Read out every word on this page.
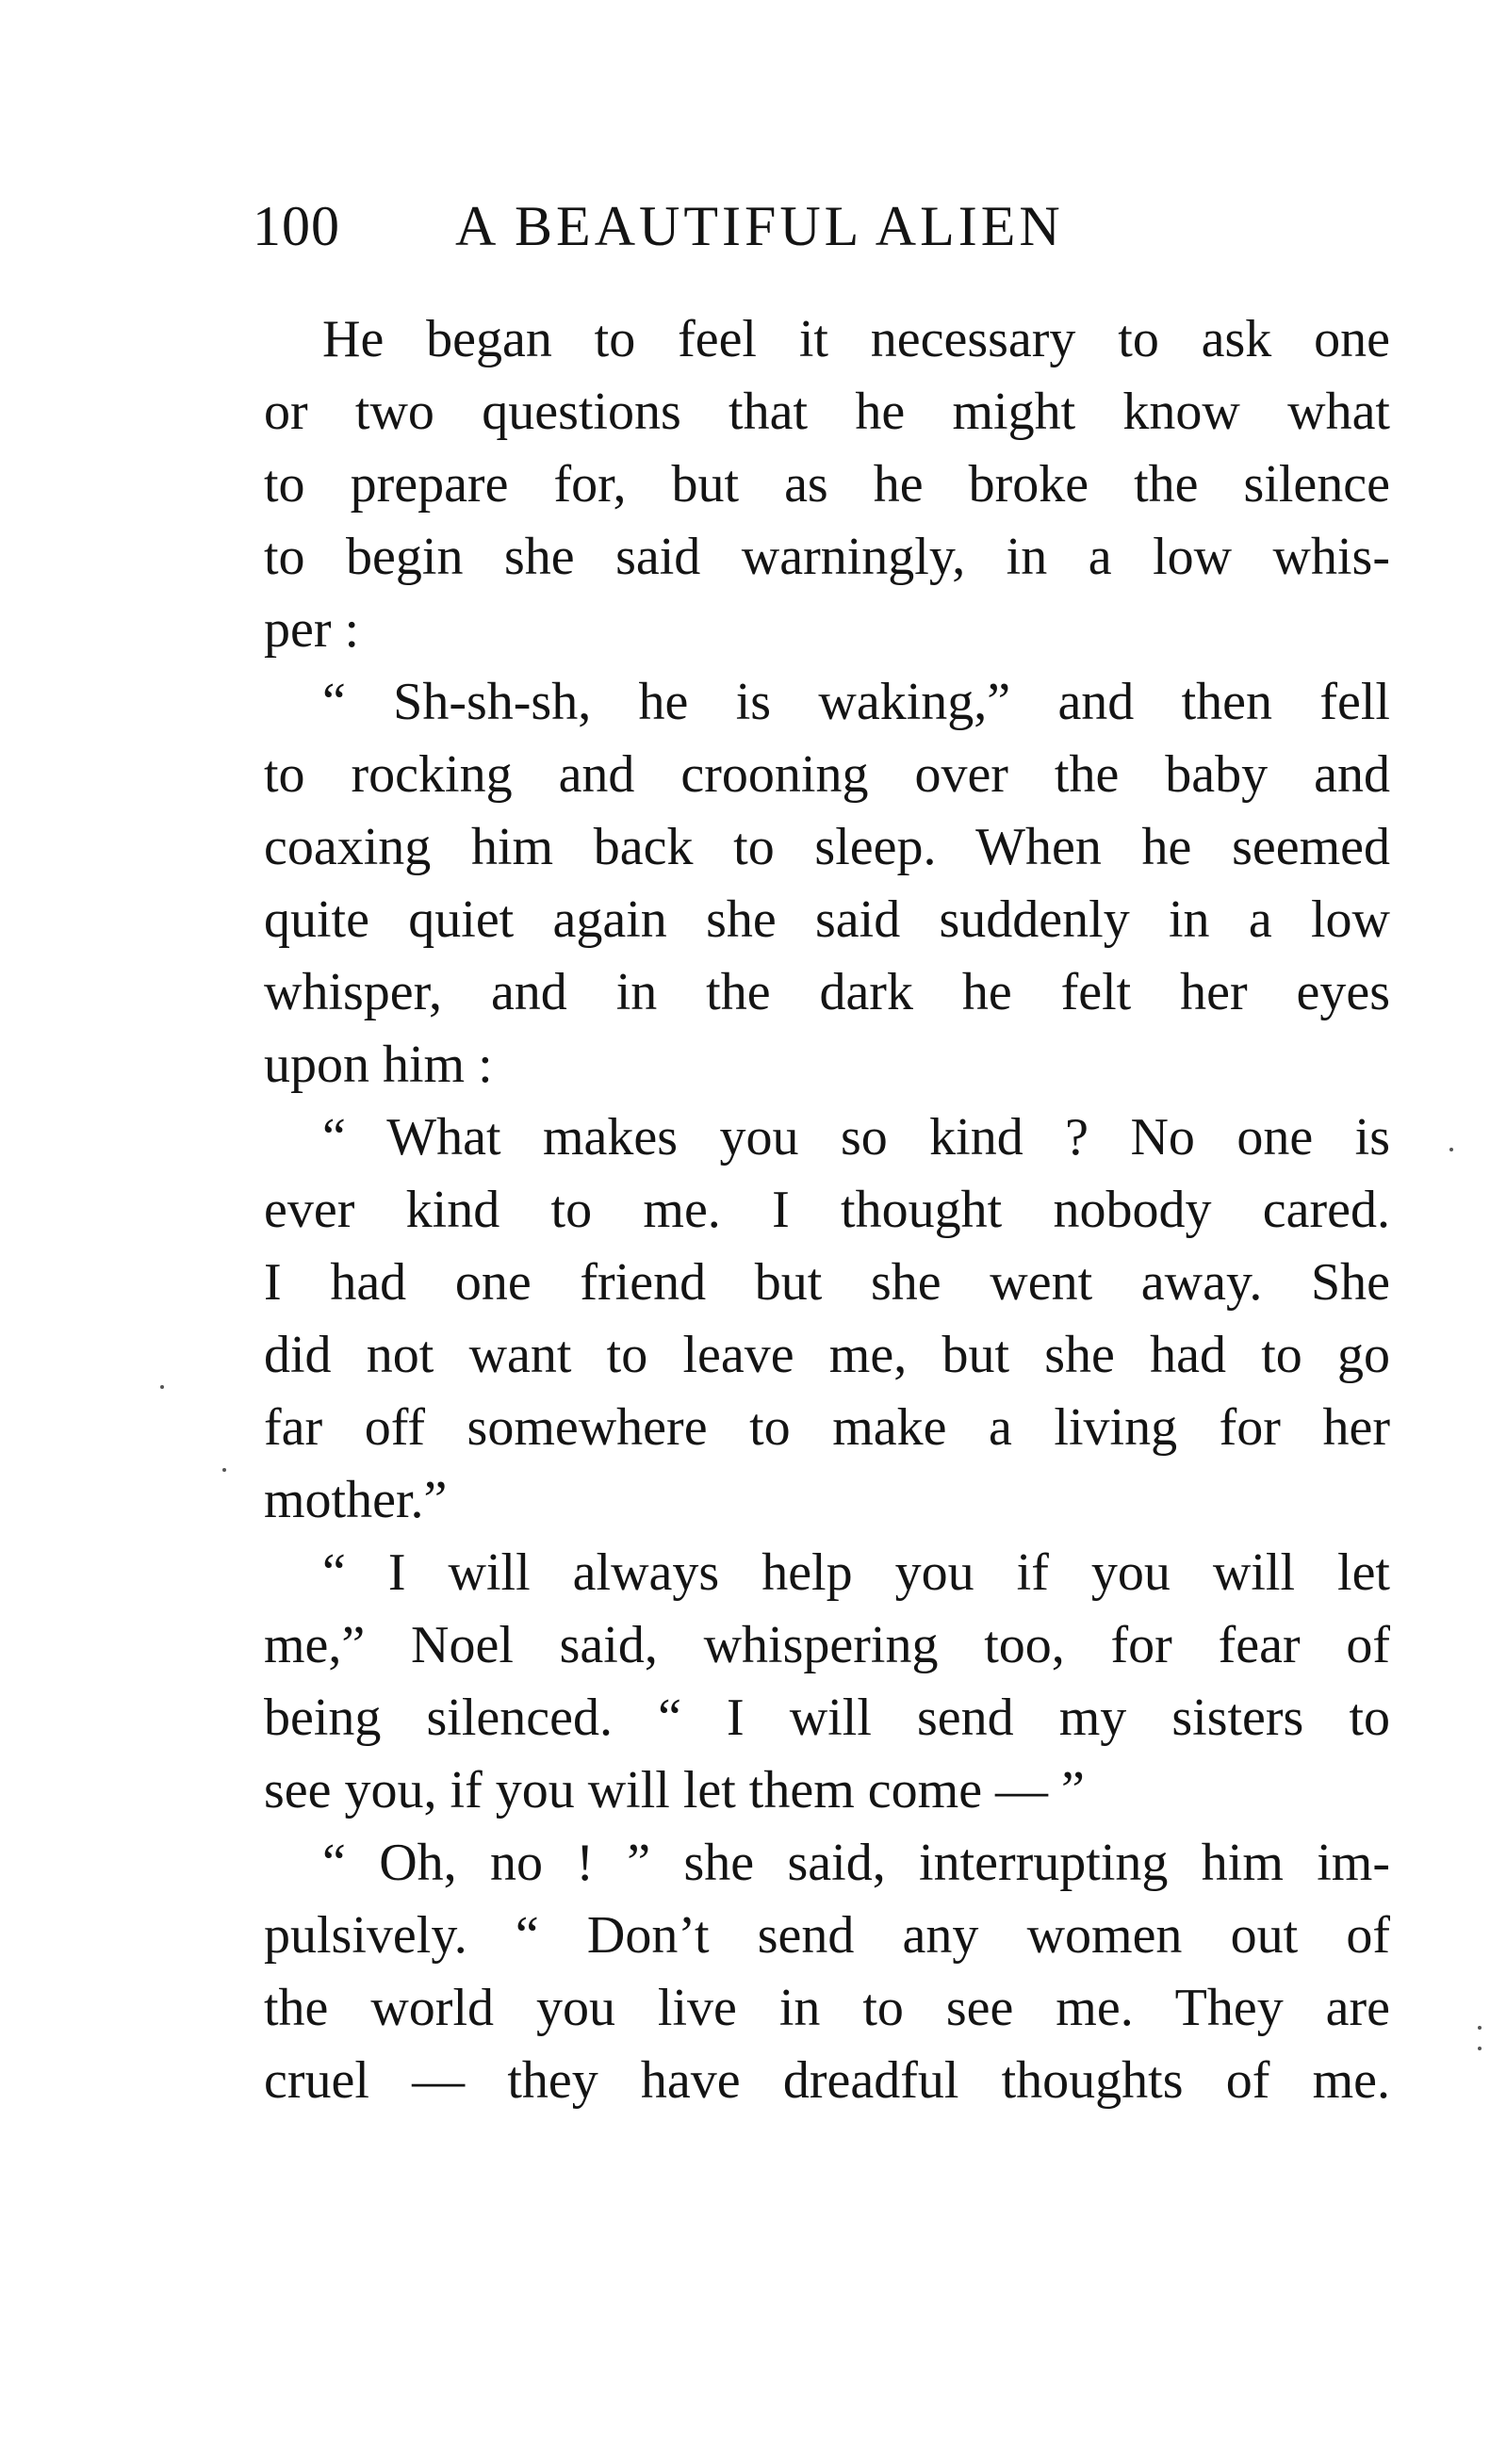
100 A BEAUTIFUL ALIEN
He began to feel it necessary to ask one
or two questions that he might know what
to prepare for, but as he broke the silence
to begin she said warningly, in a low whis-
per :
“ Sh-sh-sh, he is waking,” and then fell
to rocking and crooning over the baby and
coaxing him back to sleep. When he seemed
quite quiet again she said suddenly in a low
whisper, and in the dark he felt her eyes
upon him :
“ What makes you so kind ? No one is
ever kind to me. I thought nobody cared.
I had one friend but she went away. She
did not want to leave me, but she had to go
far off somewhere to make a living for her
mother.”
“ I will always help you if you will let
me,” Noel said, whispering too, for fear of
being silenced. “ I will send my sisters to
see you, if you will let them come — ”
“ Oh, no ! ” she said, interrupting him im-
pulsively. “ Don’t send any women out of
the world you live in to see me. They are
cruel — they have dreadful thoughts of me.
